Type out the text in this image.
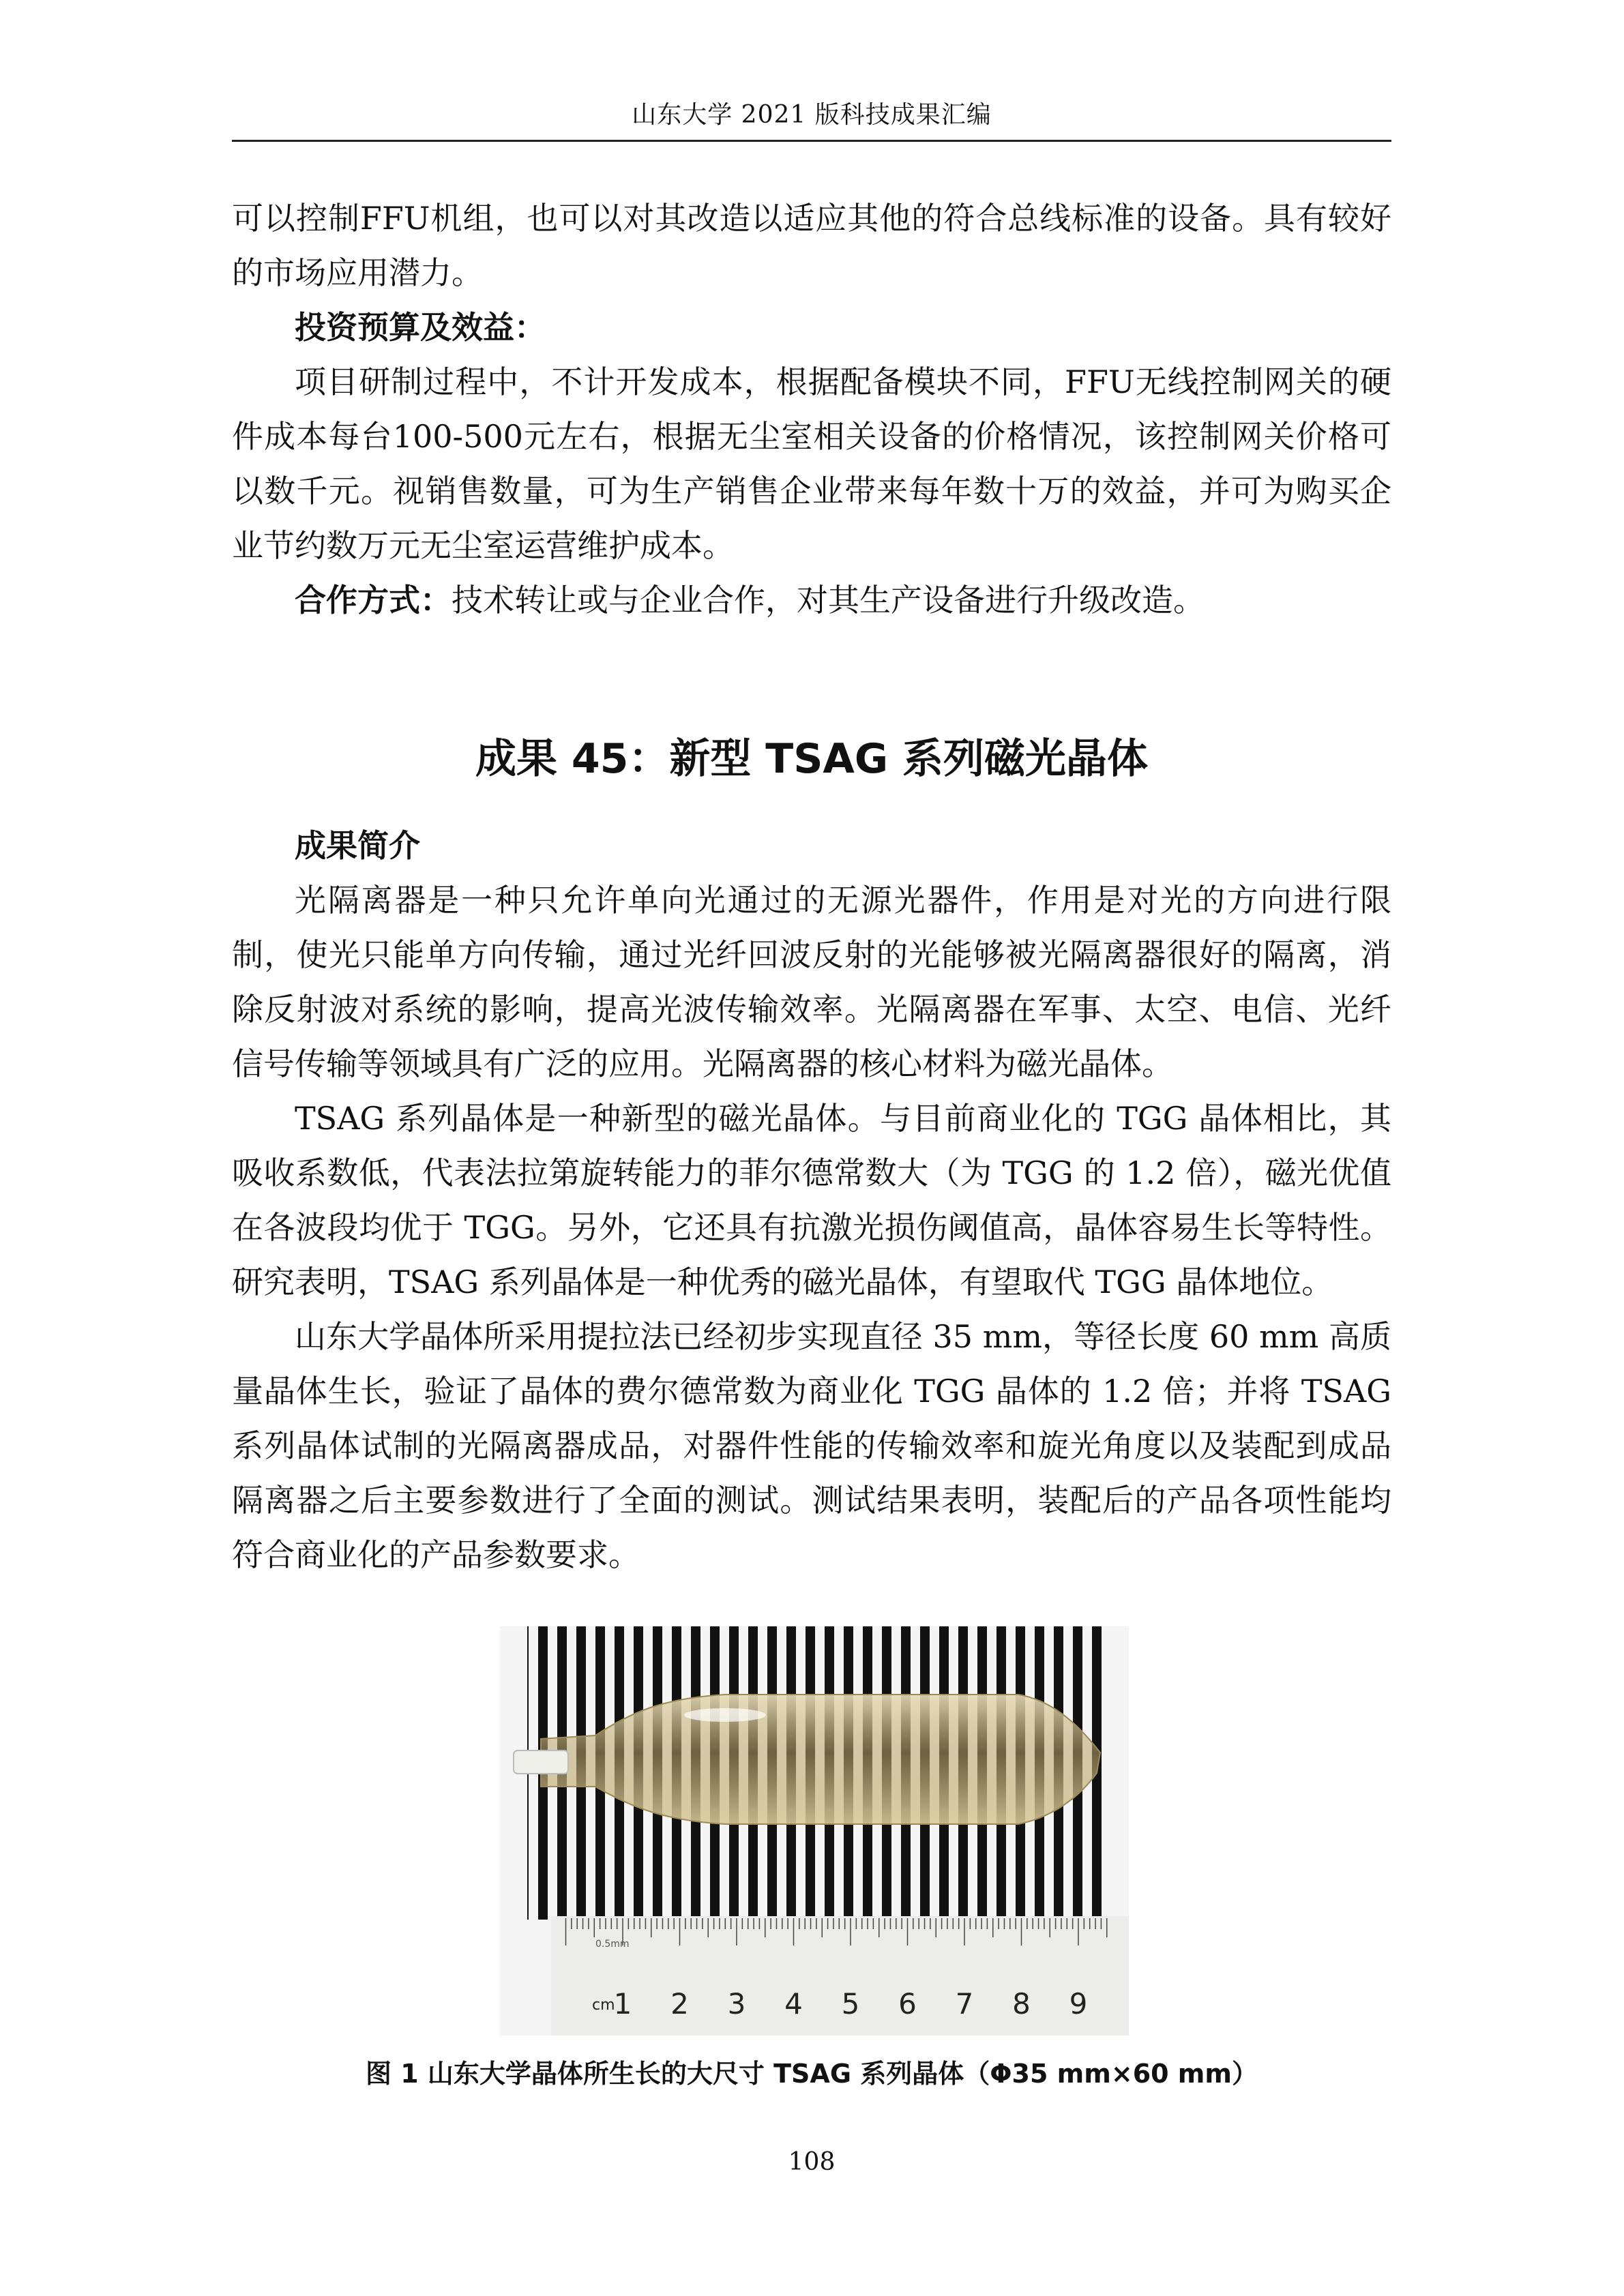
山东大学 2021 版科技成果汇编

可以控制FFU机组，也可以对其改造以适应其他的符合总线标准的设备。具有较好的市场应用潜力。

投资预算及效益：

项目研制过程中，不计开发成本，根据配备模块不同，FFU无线控制网关的硬件成本每台100-500元左右，根据无尘室相关设备的价格情况，该控制网关价格可以数千元。视销售数量，可为生产销售企业带来每年数十万的效益，并可为购买企业节约数万元无尘室运营维护成本。

合作方式：技术转让或与企业合作，对其生产设备进行升级改造。

成果 45：新型 TSAG 系列磁光晶体

成果简介

光隔离器是一种只允许单向光通过的无源光器件，作用是对光的方向进行限制，使光只能单方向传输，通过光纤回波反射的光能够被光隔离器很好的隔离，消除反射波对系统的影响，提高光波传输效率。光隔离器在军事、太空、电信、光纤信号传输等领域具有广泛的应用。光隔离器的核心材料为磁光晶体。

TSAG 系列晶体是一种新型的磁光晶体。与目前商业化的 TGG 晶体相比，其吸收系数低，代表法拉第旋转能力的菲尔德常数大（为 TGG 的 1.2 倍），磁光优值在各波段均优于 TGG。另外，它还具有抗激光损伤阈值高，晶体容易生长等特性。研究表明，TSAG 系列晶体是一种优秀的磁光晶体，有望取代 TGG 晶体地位。

山东大学晶体所采用提拉法已经初步实现直径 35 mm，等径长度 60 mm 高质量晶体生长，验证了晶体的费尔德常数为商业化 TGG 晶体的 1.2 倍；并将 TSAG 系列晶体试制的光隔离器成品，对器件性能的传输效率和旋光角度以及装配到成品隔离器之后主要参数进行了全面的测试。测试结果表明，装配后的产品各项性能均符合商业化的产品参数要求。

0.5mm
cm
1 2 3 4 5 6 7 8 9
图 1 山东大学晶体所生长的大尺寸 TSAG 系列晶体（Φ35 mm×60 mm）
108
